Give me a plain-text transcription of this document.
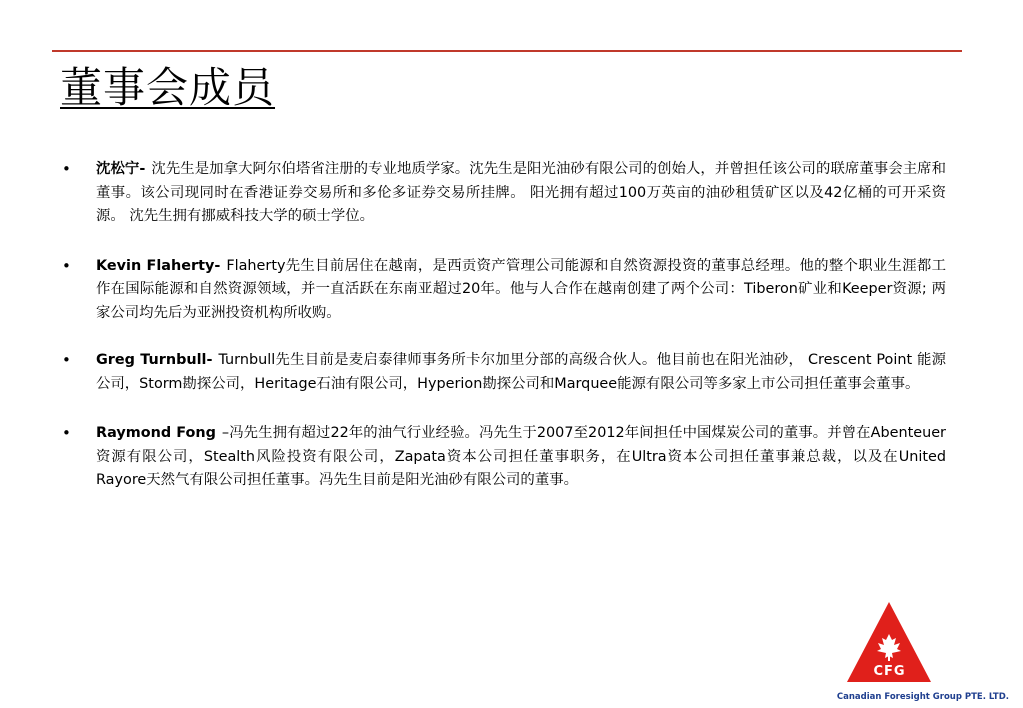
董事会成员
• 沈松宁- 沈先生是加拿大阿尔伯塔省注册的专业地质学家。沈先生是阳光油砂有限公司的创始人，并曾担任该公司的联席董事会主席和董事。该公司现同时在香港证券交易所和多伦多证券交易所挂牌。 阳光拥有超过100万英亩的油砂租赁矿区以及42亿桶的可开采资源。 沈先生拥有挪威科技大学的硕士学位。
• Kevin Flaherty- Flaherty先生目前居住在越南，是西贡资产管理公司能源和自然资源投资的董事总经理。他的整个职业生涯都工作在国际能源和自然资源领域，并一直活跃在东南亚超过20年。他与人合作在越南创建了两个公司：Tiberon矿业和Keeper资源; 两家公司均先后为亚洲投资机构所收购。
• Greg Turnbull- Turnbull先生目前是麦启泰律师事务所卡尔加里分部的高级合伙人。他目前也在阳光油砂， Crescent Point 能源公司，Storm勘探公司，Heritage石油有限公司，Hyperion勘探公司和Marquee能源有限公司等多家上市公司担任董事会董事。
• Raymond Fong –冯先生拥有超过22年的油气行业经验。冯先生于2007至2012年间担任中国煤炭公司的董事。并曾在Abenteuer资源有限公司，Stealth风险投资有限公司，Zapata资本公司担任董事职务，在Ultra资本公司担任董事兼总裁，以及在United Rayore天然气有限公司担任董事。冯先生目前是阳光油砂有限公司的董事。
CFG
Canadian Foresight Group PTE. LTD.
